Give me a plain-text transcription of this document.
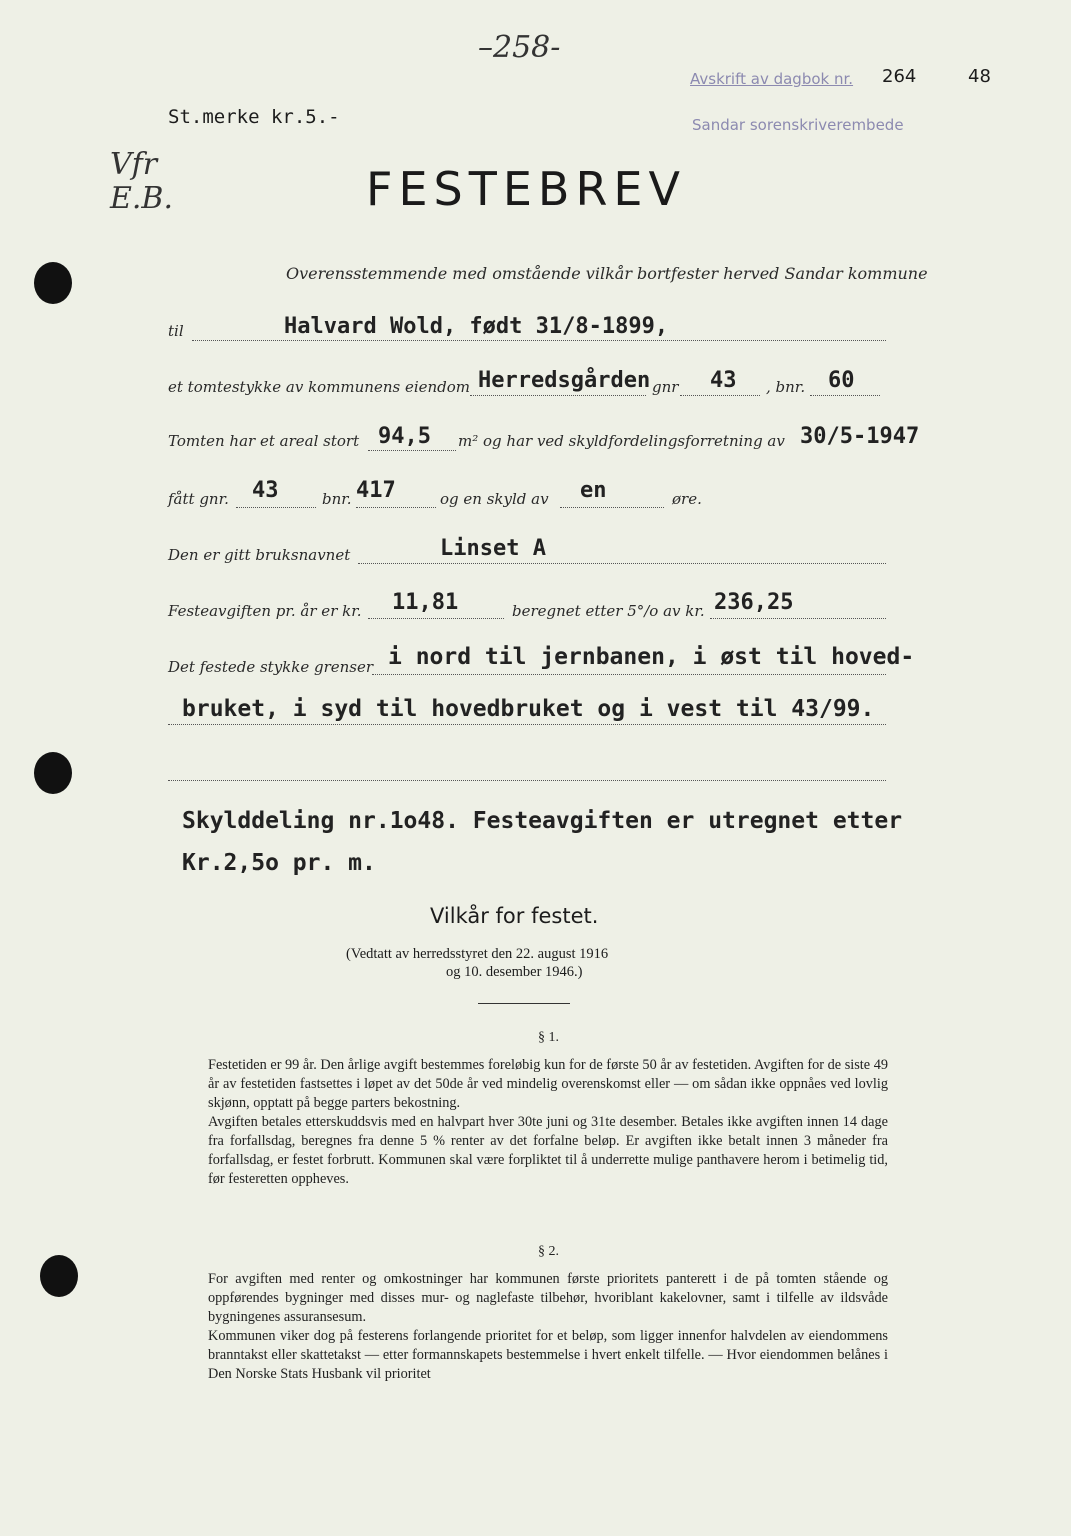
–258-
Avskrift av dagbok nr. 264	48
Sandar sorenskriverembede
St.merke kr.5.-
Vfr
E.B.	FESTEBREV
Overensstemmende med omstående vilkår bortfester herved Sandar kommune
til	Halvard Wold, født 31/8-1899,
et tomtestykke av kommunens eiendom Herredsgården gnr 43 , bnr. 60
Tomten har et areal stort 94,5 m² og har ved skyldfordelingsforretning av 30/5-1947
fått gnr. 43	bnr. 417	og en skyld av en	øre.
Den er gitt bruksnavnet	Linset A
Festeavgiften pr. år er kr. 11,81	beregnet etter 5°/o av kr. 236,25
Det festede stykke grenser i nord til jernbanen, i øst til hoved-
bruket, i syd til hovedbruket og i vest til 43/99.
Skylddeling nr.1o48. Festeavgiften er utregnet etter
Kr.2,5o pr. m.
Vilkår for festet.
(Vedtatt av herredsstyret den 22. august 1916
og 10. desember 1946.)
§ 1.

Festetiden er 99 år. Den årlige avgift bestemmes foreløbig kun for de første 50 år av festetiden. Avgiften for de siste 49 år av festetiden fastsettes i løpet av det 50de år ved mindelig overenskomst eller — om sådan ikke oppnåes ved lovlig skjønn, opptatt på begge parters bekostning.

Avgiften betales etterskuddsvis med en halvpart hver 30te juni og 31te desember. Betales ikke avgiften innen 14 dage fra forfallsdag, beregnes fra denne 5 % renter av det forfalne beløp. Er avgiften ikke betalt innen 3 måneder fra forfallsdag, er festet forbrutt. Kommunen skal være forpliktet til å underrette mulige panthavere herom i betimelig tid, før festeretten oppheves.

§ 2.

For avgiften med renter og omkostninger har kommunen første prioritets panterett i de på tomten stående og oppførendes bygninger med disses mur- og naglefaste tilbehør, hvoriblant kakelovner, samt i tilfelle av ildsvåde bygningenes assuransesum.

Kommunen viker dog på festerens forlangende prioritet for et beløp, som ligger innenfor halvdelen av eiendommens branntakst eller skattetakst — etter formannskapets bestemmelse i hvert enkelt tilfelle. — Hvor eiendommen belånes i Den Norske Stats Husbank vil prioritet
